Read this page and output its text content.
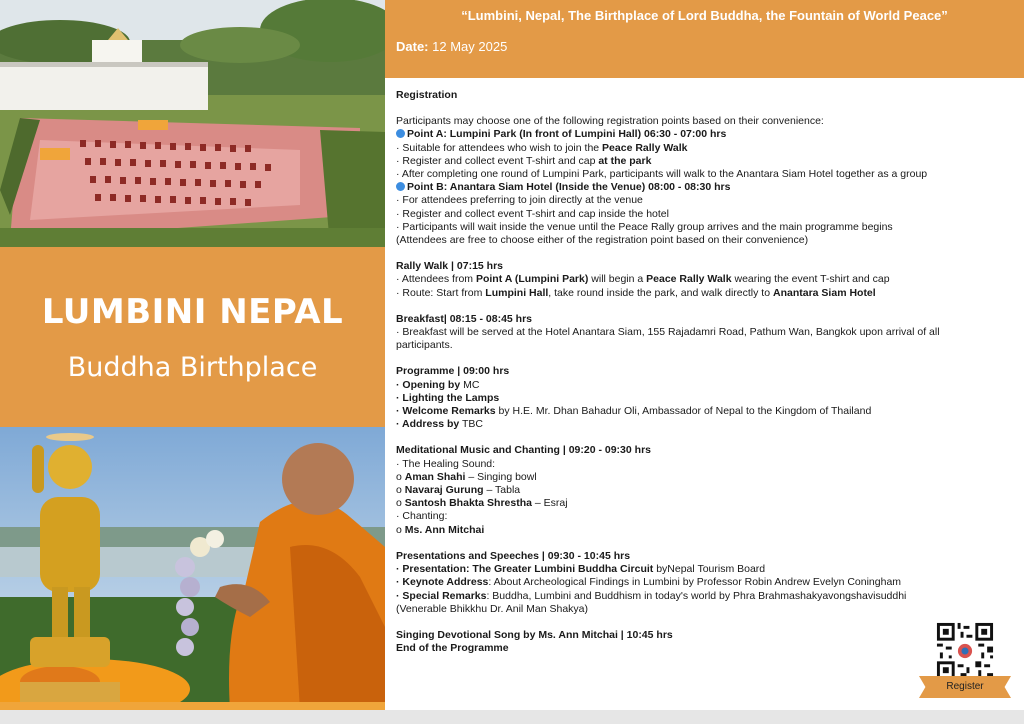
LUMBINI NEPAL
Buddha Birthplace
“Lumbini, Nepal, The Birthplace of Lord Buddha, the Fountain of World Peace”
Date: 12 May 2025

Registration

Participants may choose one of the following registration points based on their convenience:

Point A: Lumpini Park (In front of Lumpini Hall) 06:30 - 07:00 hrs

· Suitable for attendees who wish to join the Peace Rally Walk

· Register and collect event T-shirt and cap at the park

· After completing one round of Lumpini Park, participants will walk to the Anantara Siam Hotel together as a group

Point B: Anantara Siam Hotel (Inside the Venue) 08:00 - 08:30 hrs

· For attendees preferring to join directly at the venue

· Register and collect event T-shirt and cap inside the hotel

· Participants will wait inside the venue until the Peace Rally group arrives and the main programme begins

(Attendees are free to choose either of the registration point based on their convenience)

Rally Walk | 07:15 hrs

· Attendees from Point A (Lumpini Park) will begin a Peace Rally Walk wearing the event T-shirt and cap

· Route: Start from Lumpini Hall, take round inside the park, and walk directly to Anantara Siam Hotel

Breakfast| 08:15 - 08:45 hrs

· Breakfast will be served at the Hotel Anantara Siam, 155 Rajadamri Road, Pathum Wan, Bangkok upon arrival of all

participants.

Programme | 09:00 hrs

· Opening by MC

· Lighting the Lamps

· Welcome Remarks by H.E. Mr. Dhan Bahadur Oli, Ambassador of Nepal to the Kingdom of Thailand

· Address by TBC

Meditational Music and Chanting | 09:20 - 09:30 hrs

· The Healing Sound:

o Aman Shahi – Singing bowl

o Navaraj Gurung – Tabla

o Santosh Bhakta Shrestha – Esraj

· Chanting:

o Ms. Ann Mitchai

Presentations and Speeches | 09:30 - 10:45 hrs

· Presentation: The Greater Lumbini Buddha Circuit byNepal Tourism Board

· Keynote Address: About Archeological Findings in Lumbini by Professor Robin Andrew Evelyn Coningham

· Special Remarks: Buddha, Lumbini and Buddhism in today's world by Phra Brahmashakyavongshavisuddhi

(Venerable Bhikkhu Dr. Anil Man Shakya)

Singing Devotional Song by Ms. Ann Mitchai | 10:45 hrs

End of the Programme

Register
